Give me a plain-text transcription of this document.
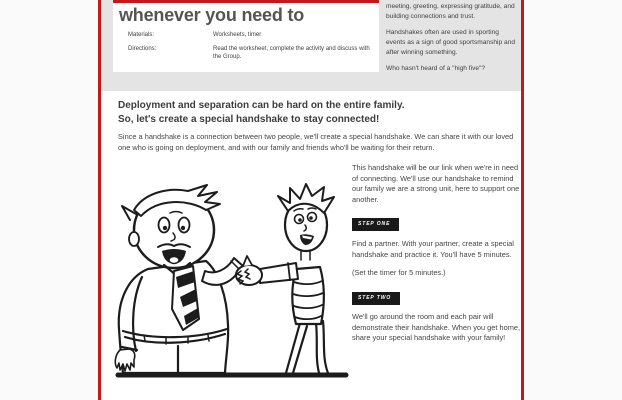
whenever you need to
Materials:	Worksheets, timer
Directions:	Read the worksheet, complete the activity and discuss with the Group.

meeting, greeting, expressing gratitude, and building connections and trust.

Handshakes often are used in sporting events as a sign of good sportsmanship and after winning something.

Who hasn't heard of a "high five"?
Deployment and separation can be hard on the entire family.
So, let's create a special handshake to stay connected!

Since a handshake is a connection between two people, we'll create a special handshake. We can share it with our loved one who is going on deployment, and with our family and friends who'll be waiting for their return.

This handshake will be our link when we're in need of connecting. We'll use our handshake to remind our family we are a strong unit, here to support one another.

STEP ONE

Find a partner. With your partner, create a special handshake and practice it. You'll have 5 minutes.

(Set the timer for 5 minutes.)

STEP TWO

We'll go around the room and each pair will demonstrate their handshake. When you get home, share your special handshake with your family!
